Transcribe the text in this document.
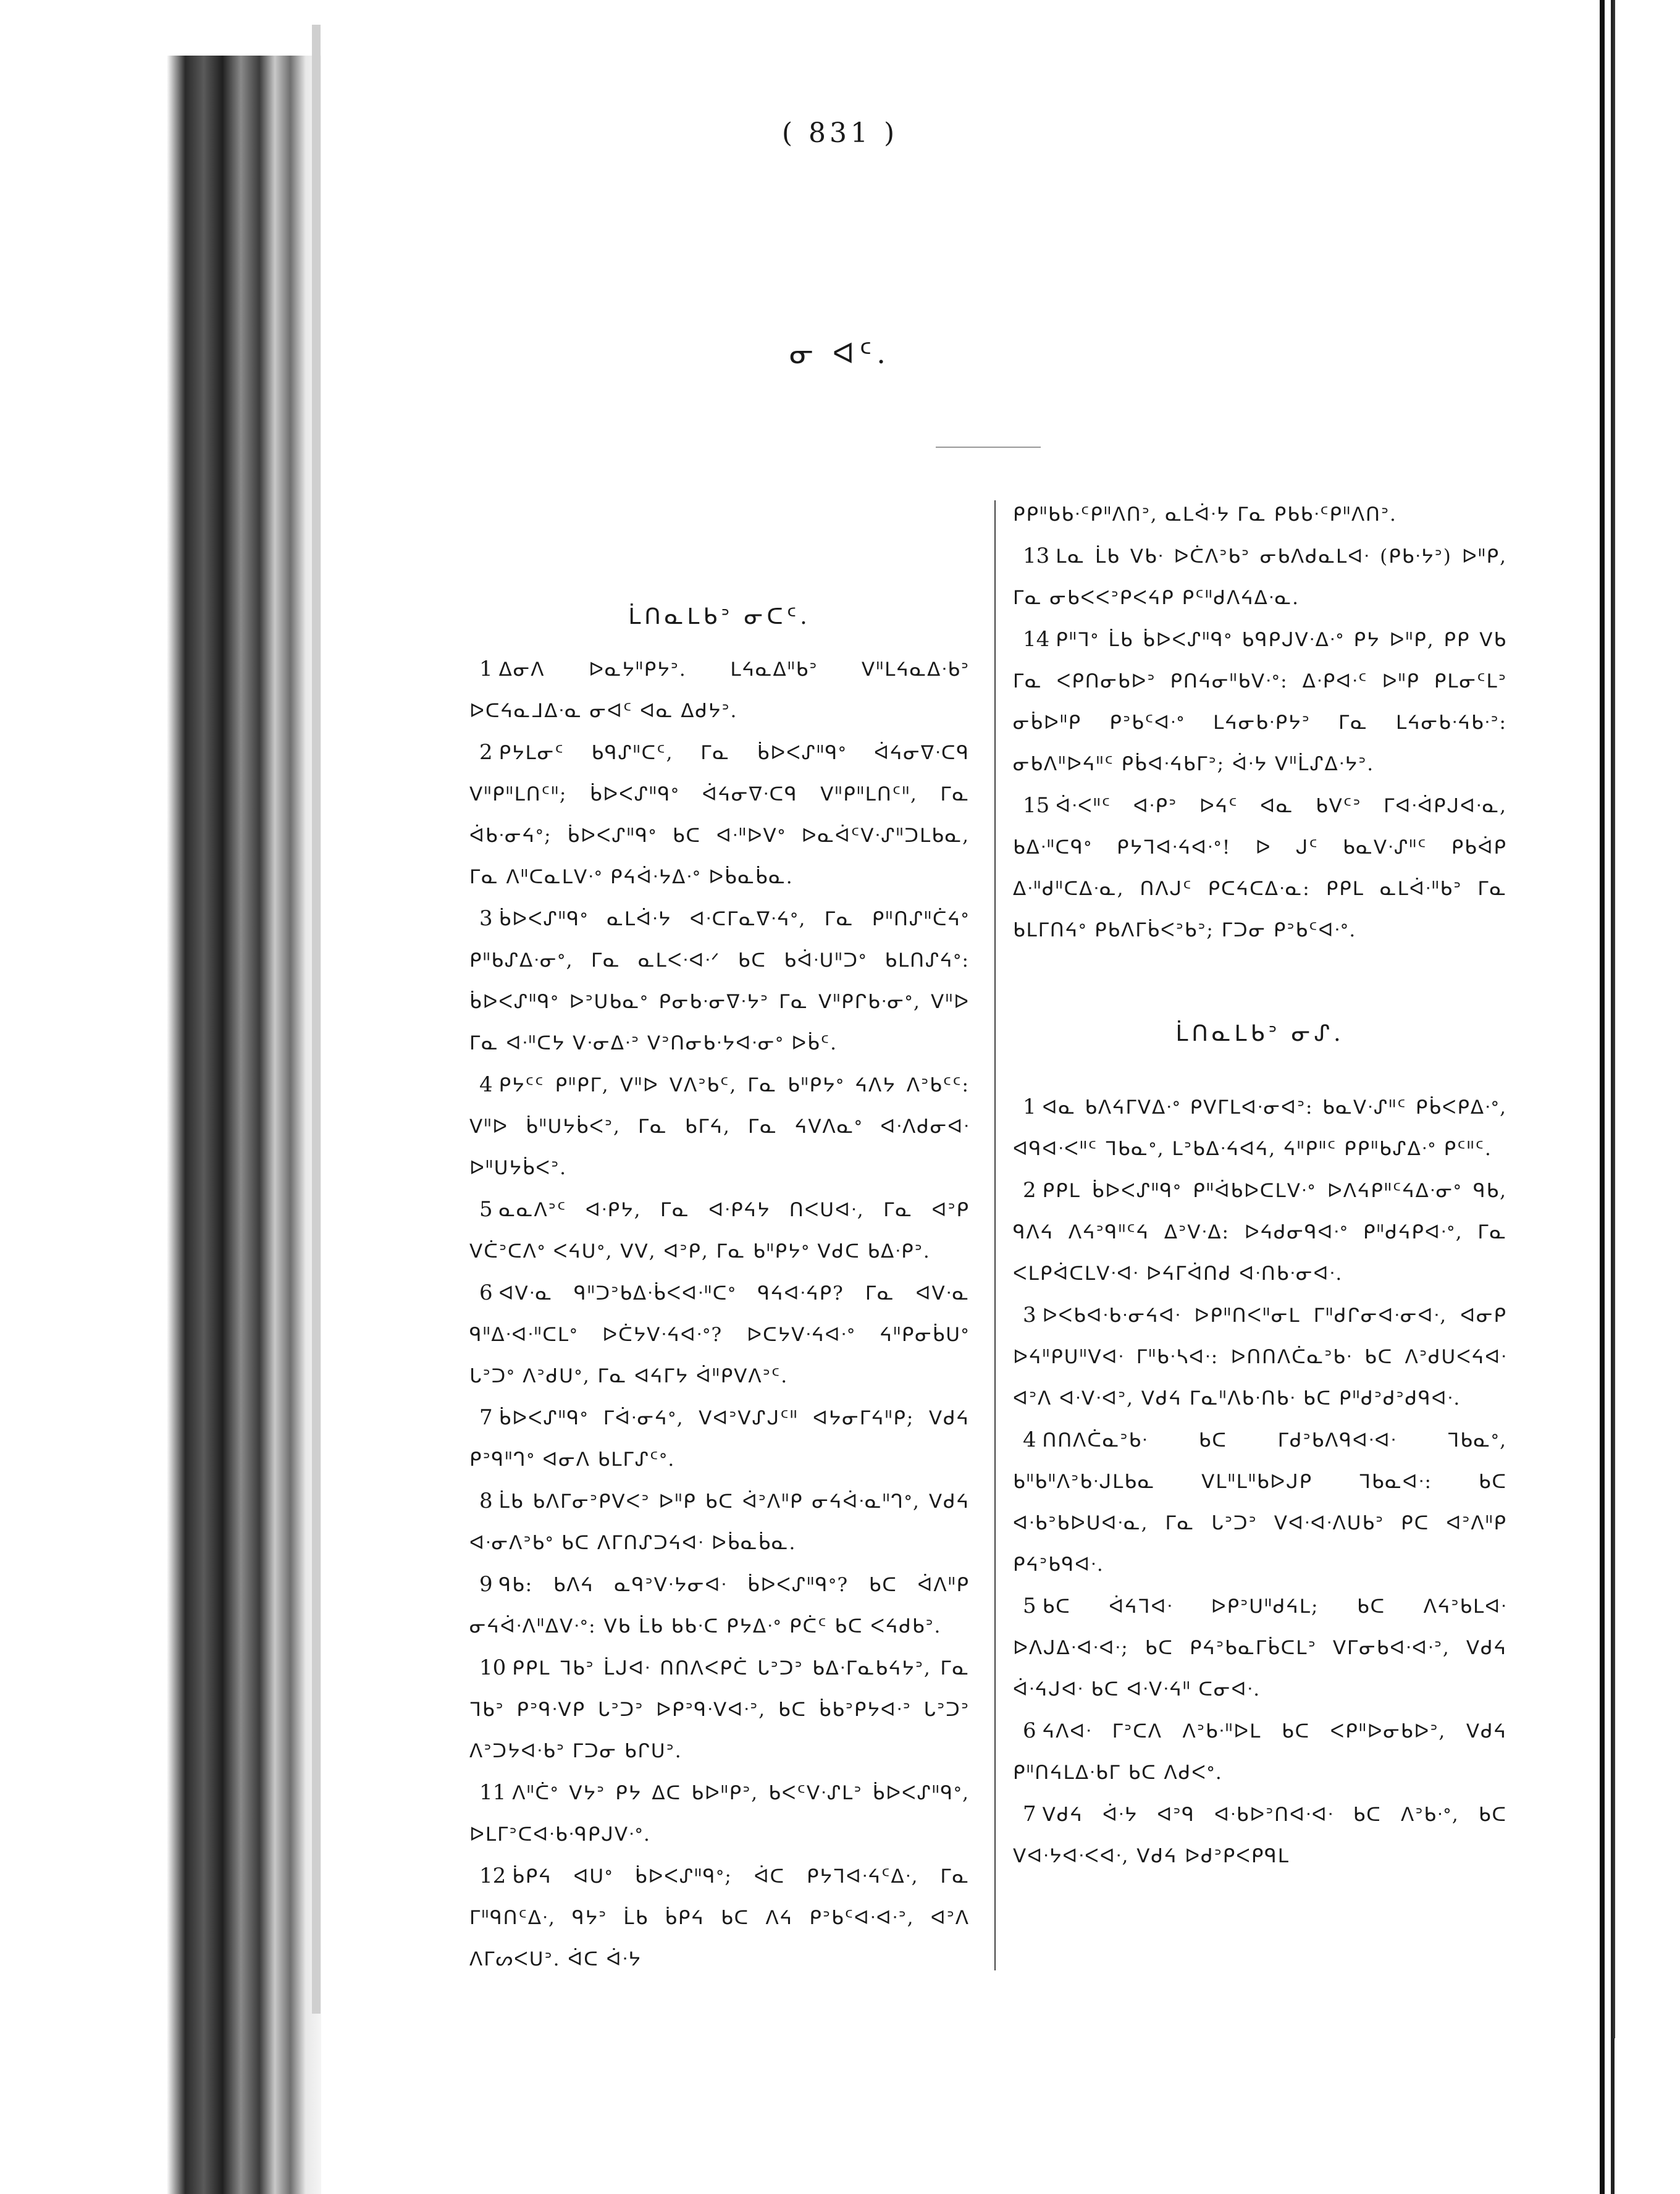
( 831 )
ᓂ ᐊᑦ.
ᒫᑎᓇᒪᑲᐣ ᓂᑕᑦ.

1 ᐃᓂᐱ ᐅᓇᔭᐦᑭᔭᐣ. ᒪᔦᓇᐃᐦᑲᐣ ᐯᐦᒪᔦᓇᐃᐧᑲᐣ ᐅᑕᔦᓇᒧᐃᐧᓇ ᓂᐊᑦ ᐊᓇ ᐃᑯᔭᐣ.

2 ᑭᔭᒪᓂᑦ ᑲᑫᔑᐦᑕᑦ, ᒥᓇ ᑳᐅᐸᔑᐦᑫᐤ ᐋᔦᓂᐁᐧᑕᑫ ᐯᐦᑭᐦᒪᑎᑦᐦ; ᑳᐅᐸᔑᐦᑫᐤ ᐋᔦᓂᐁᐧᑕᑫ ᐯᐦᑭᐦᒪᑎᑦᐦ, ᒥᓇ ᐋᑲᐧᓂᔦᐤ; ᑳᐅᐸᔑᐦᑫᐤ ᑲᑕ ᐊᐧᐦᐅᐯᐤ ᐅᓇᐋᑦᐯᐧᔑᐦᑐᒪᑲᓇ, ᒥᓇ ᐱᐦᑕᓇᒪᐯᐧᐤ ᑭᔦᐋᐧᔭᐃᐧᐤ ᐅᑳᓇᑳᓇ.

3 ᑳᐅᐸᔑᐦᑫᐤ ᓇᒪᐋᐧᔭ ᐊᐧᑕᒥᓇᐁᐧᔦᐤ, ᒥᓇ ᑭᐦᑎᔑᐦᑖᔦᐤ ᑭᐦᑲᔑᐃᐧᓂᐤ, ᒥᓇ ᓇᒪᐸᐧᐊᐧᐟ ᑲᑕ ᑲᐋᐧᑌᐦᑐᐤ ᑲᒪᑎᔑᔦᐤ: ᑳᐅᐸᔑᐦᑫᐤ ᐅᐣᑌᑲᓇᐤ ᑭᓂᑲᐧᓂᐁᐧᔭᐣ ᒥᓇ ᐯᐦᑭᒋᑲᐧᓂᐤ, ᐯᐦᐅ ᒥᓇ ᐊᐧᐦᑕᔭ ᐯᐧᓂᐃᐧᐣ ᐯᐣᑎᓂᑲᐧᔭᐊᐧᓂᐤ ᐅᑳᑦ.

4 ᑭᔭᑦᑦ ᑭᐦᑭᒥ, ᐯᐦᐅ ᐯᐱᐣᑲᑦ, ᒥᓇ ᑲᐦᑭᔭᐤ ᔦᐱᔭ ᐱᐣᑲᑦᑦ: ᐯᐦᐅ ᑳᐦᑌᔭᑳᐸᐣ, ᒥᓇ ᑲᒥᔦ, ᒥᓇ ᔦᐯᐱᓇᐤ ᐊᐧᐱᑯᓂᐊᐧ ᐅᐦᑌᔭᑳᐸᐣ.

5 ᓇᓇᐱᐣᑦ ᐊᐧᑭᔭ, ᒥᓇ ᐊᐧᑭᔦᔭ ᑎᐸᑌᐊᐧ, ᒥᓇ ᐊᐣᑭ ᐯᑖᐣᑕᐱᐤ ᐸᔦᑌᐤ, ᐯᐯ, ᐊᐣᑭ, ᒥᓇ ᑲᐦᑭᔭᐤ ᐯᑯᑕ ᑲᐃᐧᑭᐣ.

6 ᐊᐯᐧᓇ ᑫᐦᑐᐣᑲᐃᐧᑳᐸᐊᐧᐦᑕᐤ ᑫᔦᐊᐧᔦᑭ? ᒥᓇ ᐊᐯᐧᓇ ᑫᐦᐃᐧᐊᐧᐦᑕᒪᐤ ᐅᑖᔭᐯᐧᔦᐊᐧᐤ? ᐅᑕᔭᐯᐧᔦᐊᐧᐤ ᔦᐦᑭᓂᑳᑌᐤ ᒐᐣᑐᐤ ᐱᐣᑯᑌᐤ, ᒥᓇ ᐊᔦᒥᔭ ᐋᐦᑭᐯᐱᐣᑦ.

7 ᑳᐅᐸᔑᐦᑫᐤ ᒥᐋᐧᓂᔦᐤ, ᐯᐊᐣᐯᔑᒍᑦᐦ ᐊᔭᓂᒥᔦᐦᑭ; ᐯᑯᔦ ᑭᐣᑫᐦᒉᐤ ᐊᓂᐱ ᑲᒪᒥᔑᑦᐤ.

8 ᒫᑲ ᑲᐱᒥᓂᐣᑭᐯᐸᐣ ᐅᐦᑭ ᑲᑕ ᐋᐣᐱᐦᑭ ᓂᔦᐋᐧᓇᐦᒉᐤ, ᐯᑯᔦ ᐊᐧᓂᐱᐣᑲᐤ ᑲᑕ ᐱᒥᑎᔑᑐᔦᐊᐧ ᐅᑳᓇᑳᓇ.

9 ᑫᑲ: ᑲᐱᔦ ᓇᑫᐣᐯᐧᔭᓂᐊᐧ ᑳᐅᐸᔑᐦᑫᐤ? ᑲᑕ ᐋᐱᐦᑭ ᓂᔦᐋᐧᐱᐦᐃᐯᐧᐤ: ᐯᑲ ᒫᑲ ᑲᑲᐧᑕ ᑭᔭᐃᐧᐤ ᑭᑖᑦ ᑲᑕ ᐸᔦᑯᑲᐣ.

10 ᑭᑭᒪ ᒣᑲᐣ ᒫᒍᐊᐧ ᑎᑎᐱᐸᑭᑖ ᒐᐣᑐᐣ ᑲᐃᐧᒥᓇᑲᔦᔭᐣ, ᒥᓇ ᒣᑲᐣ ᑭᐣᑫᐧᐯᑭ ᒐᐣᑐᐣ ᐅᑭᐣᑫᐧᐯᐊᐧᐣ, ᑲᑕ ᑳᑲᐣᑭᔭᐊᐧᐣ ᒐᐣᑐᐣ ᐱᐣᑐᔭᐊᐧᑲᐣ ᒥᑐᓂ ᑲᒋᑌᐣ.

11 ᐱᐦᑖᐤ ᐯᔭᐣ ᑭᔭ ᐃᑕ ᑲᐅᐦᑭᐣ, ᑲᐸᑦᐯᐧᔑᒪᐣ ᑳᐅᐸᔑᐦᑫᐤ, ᐅᒪᒥᐣᑕᐊᐧᑲᐧᑫᑭᒍᐯᐧᐤ.

12 ᑳᑭᔦ ᐊᑌᐤ ᑳᐅᐸᔑᐦᑫᐤ; ᐋᑕ ᑭᔭᒣᐊᐧᔦᑦᐃᐧ, ᒥᓇ ᒥᐦᑫᑎᑦᐃᐧ, ᑫᔭᐣ ᒫᑲ ᑳᑭᔦ ᑲᑕ ᐱᔦ ᑭᐣᑲᑦᐊᐧᐊᐧᐣ, ᐊᐣᐱ ᐱᒥᔕᐸᑌᐣ. ᐋᑕ ᐋᐧᔭ

ᑭᑭᐦᑲᑲᐧᑦᑭᐦᐱᑎᐣ, ᓇᒪᐋᐧᔭ ᒥᓇ ᑭᑲᑲᐧᑦᑭᐦᐱᑎᐣ.

13 ᒪᓇ ᒫᑲ ᐯᑲᐧ ᐅᑖᐱᐣᑲᐣ ᓂᑲᐱᑯᓇᒪᐊᐧ (ᑭᑲᐧᔭᐣ) ᐅᐦᑭ, ᒥᓇ ᓂᑲᐸᐸᐣᑭᐸᔦᑭ ᑭᑦᐦᑯᐱᔦᐃᐧᓇ.

14 ᑭᐦᒣᐤ ᒫᑲ ᑳᐅᐸᔑᐦᑫᐤ ᑲᑫᑭᒍᐯᐧᐃᐧᐤ ᑭᔭ ᐅᐦᑭ, ᑭᑭ ᐯᑲ ᒥᓇ ᐸᑭᑎᓂᑲᐅᐣ ᑭᑎᔦᓂᐦᑲᐯᐧᐤ: ᐃᐧᑭᐊᐧᑦ ᐅᐦᑭ ᑭᒪᓂᑦᒪᐣ ᓂᑳᐅᐦᑭ ᑭᐣᑲᑦᐊᐧᐤ ᒪᔦᓂᑲᐧᑭᔭᐣ ᒥᓇ ᒪᔦᓂᑲᐧᔦᑲᐧᐣ: ᓂᑲᐱᐦᐅᔦᐦᑦ ᑭᑳᐊᐧᔦᑲᒥᐣ; ᐋᐧᔭ ᐯᐦᒫᔑᐃᐧᔭᐣ.

15 ᐋᐧᐸᐦᑦ ᐊᐧᑭᐣ ᐅᔦᑦ ᐊᓇ ᑲᐯᑦᐣ ᒥᐊᐧᐋᑭᒍᐊᐧᓇ, ᑲᐃᐧᐦᑕᑫᐤ ᑭᔭᒣᐊᐧᔦᐊᐧᐤ! ᐅ ᒍᑦ ᑲᓇᐯᐧᔑᐦᑦ ᑭᑲᐋᑭ ᐃᐧᐦᑯᐦᑕᐃᐧᓇ, ᑎᐱᒍᑦ ᑭᑕᔦᑕᐃᐧᓇ: ᑭᑭᒪ ᓇᒪᐋᐧᐦᑲᐣ ᒥᓇ ᑲᒪᒥᑎᔦᐤ ᑭᑲᐱᒥᑳᐸᐣᑲᐣ; ᒥᑐᓂ ᑭᐣᑲᑦᐊᐧᐤ.

ᒫᑎᓇᒪᑲᐣ ᓂᔑ.

1 ᐊᓇ ᑲᐱᔦᒥᐯᐃᐧᐤ ᑭᐯᒥᒪᐊᐧᓂᐊᐣ: ᑲᓇᐯᐧᔑᐦᑦ ᑭᑳᐸᑭᐃᐧᐤ, ᐊᑫᐊᐧᐸᐦᑦ ᒣᑲᓇᐤ, ᒪᐣᑲᐃᐧᔦᐊᔦ, ᔦᐦᑭᐦᑦ ᑭᑭᐦᑲᔑᐃᐧᐤ ᑭᑦᐦᑦ.

2 ᑭᑭᒪ ᑳᐅᐸᔑᐦᑫᐤ ᑭᐦᐋᑲᐅᑕᒪᐯᐧᐤ ᐅᐱᔦᑭᐦᑦᔦᐃᐧᓂᐤ ᑫᑲ, ᑫᐱᔦ ᐱᔦᐣᑫᐦᑦᔦ ᐃᐣᐯᐧᐃ: ᐅᔦᑯᓂᑫᐊᐧᐤ ᑭᐦᑯᔦᑭᐊᐧᐤ, ᒥᓇ ᐸᒪᑭᐋᑕᒪᐯᐧᐊᐧ ᐅᔦᒥᐋᑎᑯ ᐊᐧᑎᑲᐧᓂᐊᐧ.

3 ᐅᐸᑲᐊᐧᑲᐧᓂᔦᐊᐧ ᐅᑭᐦᑎᐸᐦᓂᒪ ᒥᐦᑯᒋᓂᐊᐧᓂᐊᐧ, ᐊᓂᑭ ᐅᔦᐦᑭᑌᐦᐯᐊᐧ ᒥᐦᑲᐧᓴᐊᐧ: ᐅᑎᑎᐱᑖᓇᐣᑲᐧ ᑲᑕ ᐱᐣᑯᑌᐸᔦᐊᐧ ᐊᐣᐱ ᐊᐧᐯᐧᐊᐣ, ᐯᑯᔦ ᒥᓇᐦᐱᑲᐧᑎᑲᐧ ᑲᑕ ᑭᐦᑯᐣᑯᐣᑯᑫᐊᐧ.

4 ᑎᑎᐱᑖᓇᐣᑲᐧ ᑲᑕ ᒥᑯᐣᑲᐱᑫᐊᐧᐊᐧ ᒣᑲᓇᐤ, ᑲᐦᑲᐦᐱᐣᑲᐧᒍᒪᑲᓇ ᐯᒪᐦᒪᐦᑲᐅᒍᑭ ᒣᑲᓇᐊᐧ: ᑲᑕ ᐊᐧᑲᐣᑲᐅᑌᐊᐧᓇ, ᒥᓇ ᒐᐣᑐᐣ ᐯᐊᐧᐊᐧᐱᑌᑲᐣ ᑭᑕ ᐊᐣᐱᐦᑭ ᑭᔦᐣᑲᑫᐊᐧ.

5 ᑲᑕ ᐋᔦᒣᐊᐧ ᐅᑭᐣᑌᐦᑯᔦᒪ; ᑲᑕ ᐱᔦᐣᑲᒪᐊᐧ ᐅᐱᒍᐃᐧᐊᐧᐊᐧ; ᑲᑕ ᑭᔦᐣᑲᓇᒥᑳᑕᒪᐣ ᐯᒥᓂᑲᐊᐧᐊᐧᐣ, ᐯᑯᔦ ᐋᐧᔦᒍᐊᐧ ᑲᑕ ᐊᐧᐯᐧᔦᐦ ᑕᓂᐊᐧ.

6 ᔦᐱᐊᐧ ᒥᐣᑕᐱ ᐱᐣᑲᐧᐦᐅᒪ ᑲᑕ ᐸᑭᐦᐅᓂᑲᐅᐣ, ᐯᑯᔦ ᑭᐦᑎᔦᒪᐃᐧᑲᒥ ᑲᑕ ᐱᑯᐸᐤ.

7 ᐯᑯᔦ ᐋᐧᔭ ᐊᐣᑫ ᐊᐧᑲᐅᐣᑎᐊᐧᐊᐧ ᑲᑕ ᐱᐣᑲᐧᐤ, ᑲᑕ ᐯᐊᐧᔭᐊᐧᐸᐊᐧ, ᐯᑯᔦ ᐅᑯᐣᑭᐸᑭᑫᒪ
